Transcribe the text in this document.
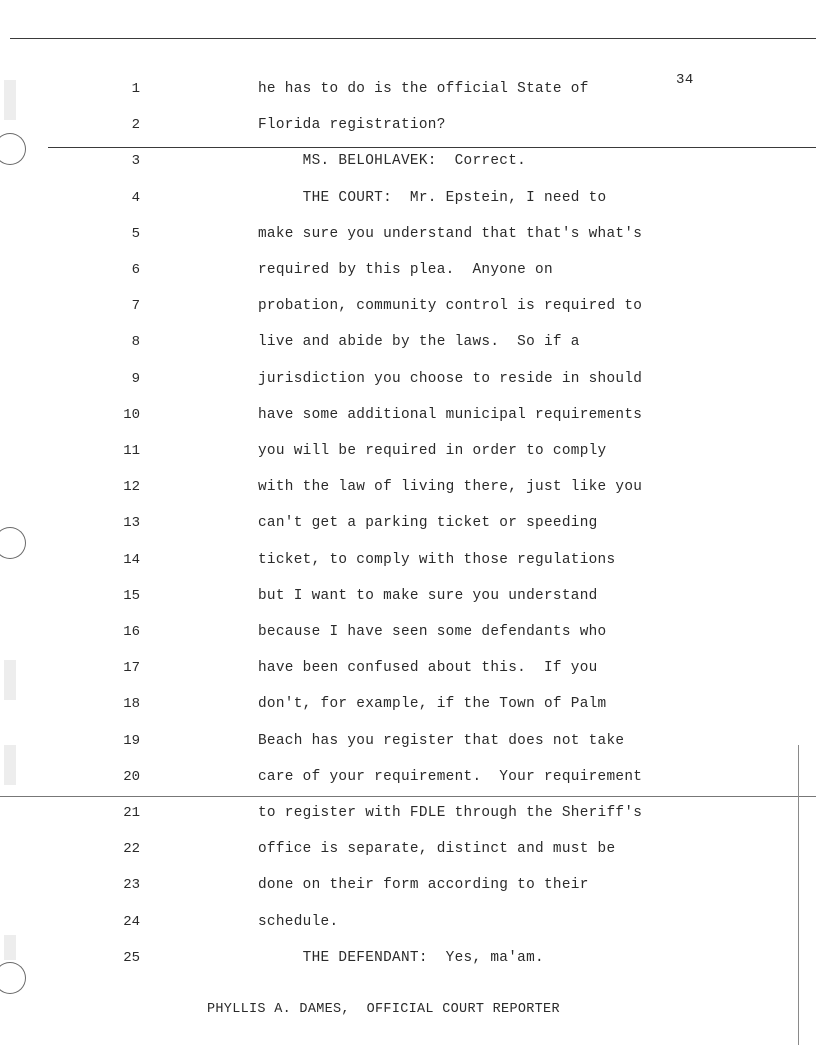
34
1	he has to do is the official State of
2	Florida registration?
3	MS. BELOHLAVEK:  Correct.
4	THE COURT:  Mr. Epstein, I need to
5	make sure you understand that that's what's
6	required by this plea.  Anyone on
7	probation, community control is required to
8	live and abide by the laws.  So if a
9	jurisdiction you choose to reside in should
10	have some additional municipal requirements
11	you will be required in order to comply
12	with the law of living there, just like you
13	can't get a parking ticket or speeding
14	ticket, to comply with those regulations
15	but I want to make sure you understand
16	because I have seen some defendants who
17	have been confused about this.  If you
18	don't, for example, if the Town of Palm
19	Beach has you register that does not take
20	care of your requirement.  Your requirement
21	to register with FDLE through the Sheriff's
22	office is separate, distinct and must be
23	done on their form according to their
24	schedule.
25	THE DEFENDANT:  Yes, ma'am.
PHYLLIS A. DAMES,  OFFICIAL COURT REPORTER
